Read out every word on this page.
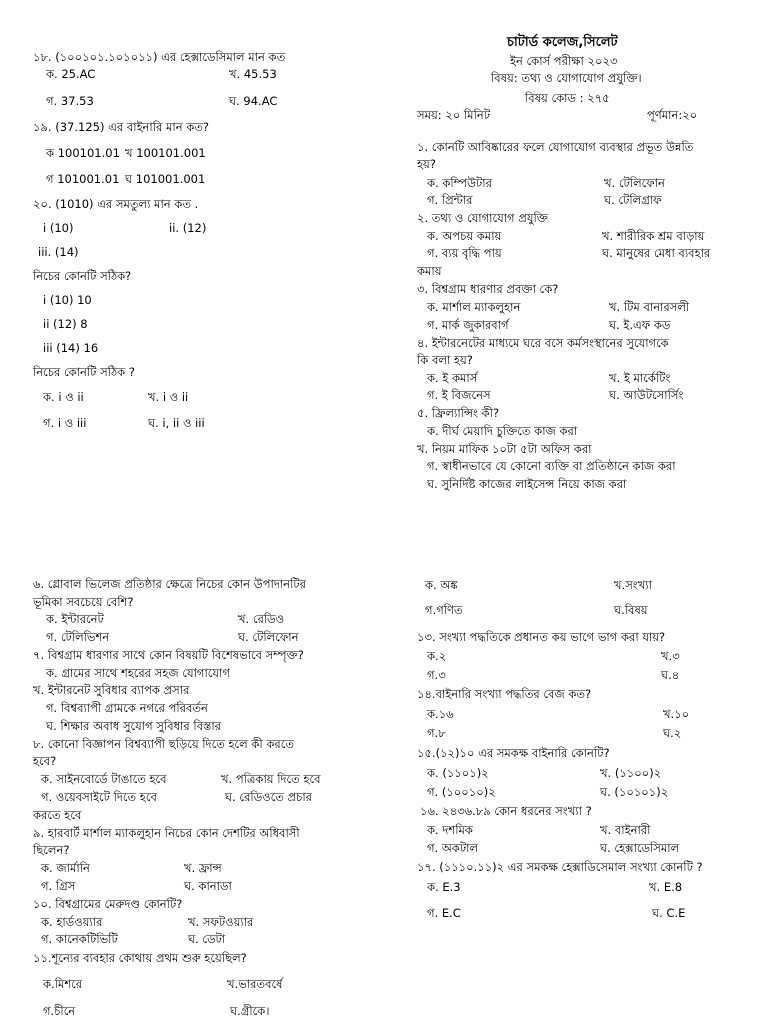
চাটার্ড কলেজ,সিলেট
ইন কোর্স পরীক্ষা ২০২৩
বিষয়: তথ্য ও যোগাযোগ প্রযুক্তি।
বিষয় কোড : ২৭৫
সময়: ২০ মিনিট	পূর্ণমান:২০
১৮. (১০০১০১.১০১০১১) এর হেক্সাডেসিমাল মান কত
ক. 25.AC	খ. 45.53
গ. 37.53	ঘ. 94.AC
১৯. (37.125) এর বাইনারি মান কত?
ক 100101.01 খ 100101.001
গ 101001.01 ঘ 101001.001
২০. (1010) এর সমতুল্য মান কত .
i (10)	ii. (12)
iii. (14)
নিচের কোনটি সঠিক?
i (10) 10
ii (12) 8
iii (14) 16
নিচের কোনটি সঠিক ?
ক. i ও ii	খ. i ও ii
গ. i ও iii	ঘ. i, ii ও iii
১. কোনটি আবিষ্কারের ফলে যোগাযোগ ব্যবস্থার প্রভূত উন্নতি
হয়?
ক. কম্পিউটার	খ. টেলিফোন
গ. প্রিন্টার	ঘ. টেলিগ্রাফ
২. তথ্য ও যোগাযোগ প্রযুক্তি
ক. অপচয় কমায়	খ. শারীরিক শ্রম বাড়ায়
গ. ব্যয় বৃদ্ধি পায়	ঘ. মানুষের মেধা ব্যবহার
কমায়
৩. বিশ্বগ্রাম ধারণার প্রবক্তা কে?
ক. মার্শাল ম্যাকলুহান	খ. টিম বানারসলী
গ. মার্ক জুকারবার্গ	ঘ. ই.এফ কড
৪. ইন্টারনেটের মাধ্যমে ঘরে বসে কর্মসংস্থানের সুযোগকে
কি বলা হয়?
ক. ই কমার্স	খ. ই মার্কেটিং
গ. ই বিজনেস	ঘ. আউটসোর্সিং
৫. ফ্রিল্যান্সিং কী?
ক. দীর্ঘ মেয়াদি চুক্তিতে কাজ করা
খ. নিয়ম মাফিক ১০টা ৫টা অফিস করা
গ. স্বাধীনভাবে যে কোনো ব্যক্তি বা প্রতিষ্ঠানে কাজ করা
ঘ. সুনির্দিষ্ট কাজের লাইসেন্স নিয়ে কাজ করা
৬. গ্লোবাল ভিলেজ প্রতিষ্ঠার ক্ষেত্রে নিচের কোন উপাদানটির
ভূমিকা সবচেয়ে বেশি?
ক. ইন্টারনেট	খ. রেডিও
গ. টেলিভিশন	ঘ. টেলিফোন
৭. বিশ্বগ্রাম ধারণার সাথে কোন বিষয়টি বিশেষভাবে সম্পৃক্ত?
ক. গ্রামের সাথে শহরের সহজ যোগাযোগ
খ. ইন্টারনেট সুবিধার ব্যাপক প্রসার
গ. বিশ্বব্যাপী গ্রামকে নগরে পরিবর্তন
ঘ. শিক্ষার অবাধ সুযোগ সুবিধার বিস্তার
৮. কোনো বিজ্ঞাপন বিশ্বব্যাপী ছড়িয়ে দিতে হলে কী করতে
হবে?
ক. সাইনবোর্ডে টাঙাতে হবে	খ. পত্রিকায় দিতে হবে
গ. ওয়েবসাইটে দিতে হবে	ঘ. রেডিওতে প্রচার
করতে হবে
৯. হারবার্ট মার্শাল ম্যাকলুহান নিচের কোন দেশটির অধিবাসী
ছিলেন?
ক. জার্মানি	খ. ফ্রান্স
গ. গ্রিস	ঘ. কানাডা
১০. বিশ্বগ্রামের মেরুদণ্ড কোনটি?
ক. হার্ডওয়্যার	খ. সফটওয়্যার
গ. কানেকটিভিটি	ঘ. ডেটা
১১.শূন্যের ব্যবহার কোথায় প্রথম শুরু হয়েছিল?
ক.মিশরে	খ.ভারতবর্ষে
গ.চীনে	ঘ.গ্রীকে।
ক. অঙ্ক	খ.সংখ্যা
গ.গণিত	ঘ.বিষয়
১৩. সংখ্যা পদ্ধতিকে প্রধানত কয় ভাগে ভাগ করা যায়?
ক.২	খ.৩
গ.৩	ঘ.৪
১৪.বাইনারি সংখ্যা পদ্ধতির বেজ কত?
ক.১৬	খ.১০
গ.৮	ঘ.২
১৫.(১২)১০ এর সমকক্ষ বাইনারি কোনটি?
ক. (১১০১)২	খ. (১১০০)২
গ. (১০০১০)২	ঘ. (১০১০১)২
১৬. ২৪৩৬.৮৯ কোন ধরনের সংখ্যা ?
ক. দশমিক	খ. বাইনারী
গ. অকটাল	ঘ. হেক্সাডেসিমাল
১৭. (১১১০.১১)২ এর সমকক্ষ হেক্সাডিসেমাল সংখ্যা কোনটি ?
ক. E.3	খ. E.8
গ. E.C	ঘ. C.E
